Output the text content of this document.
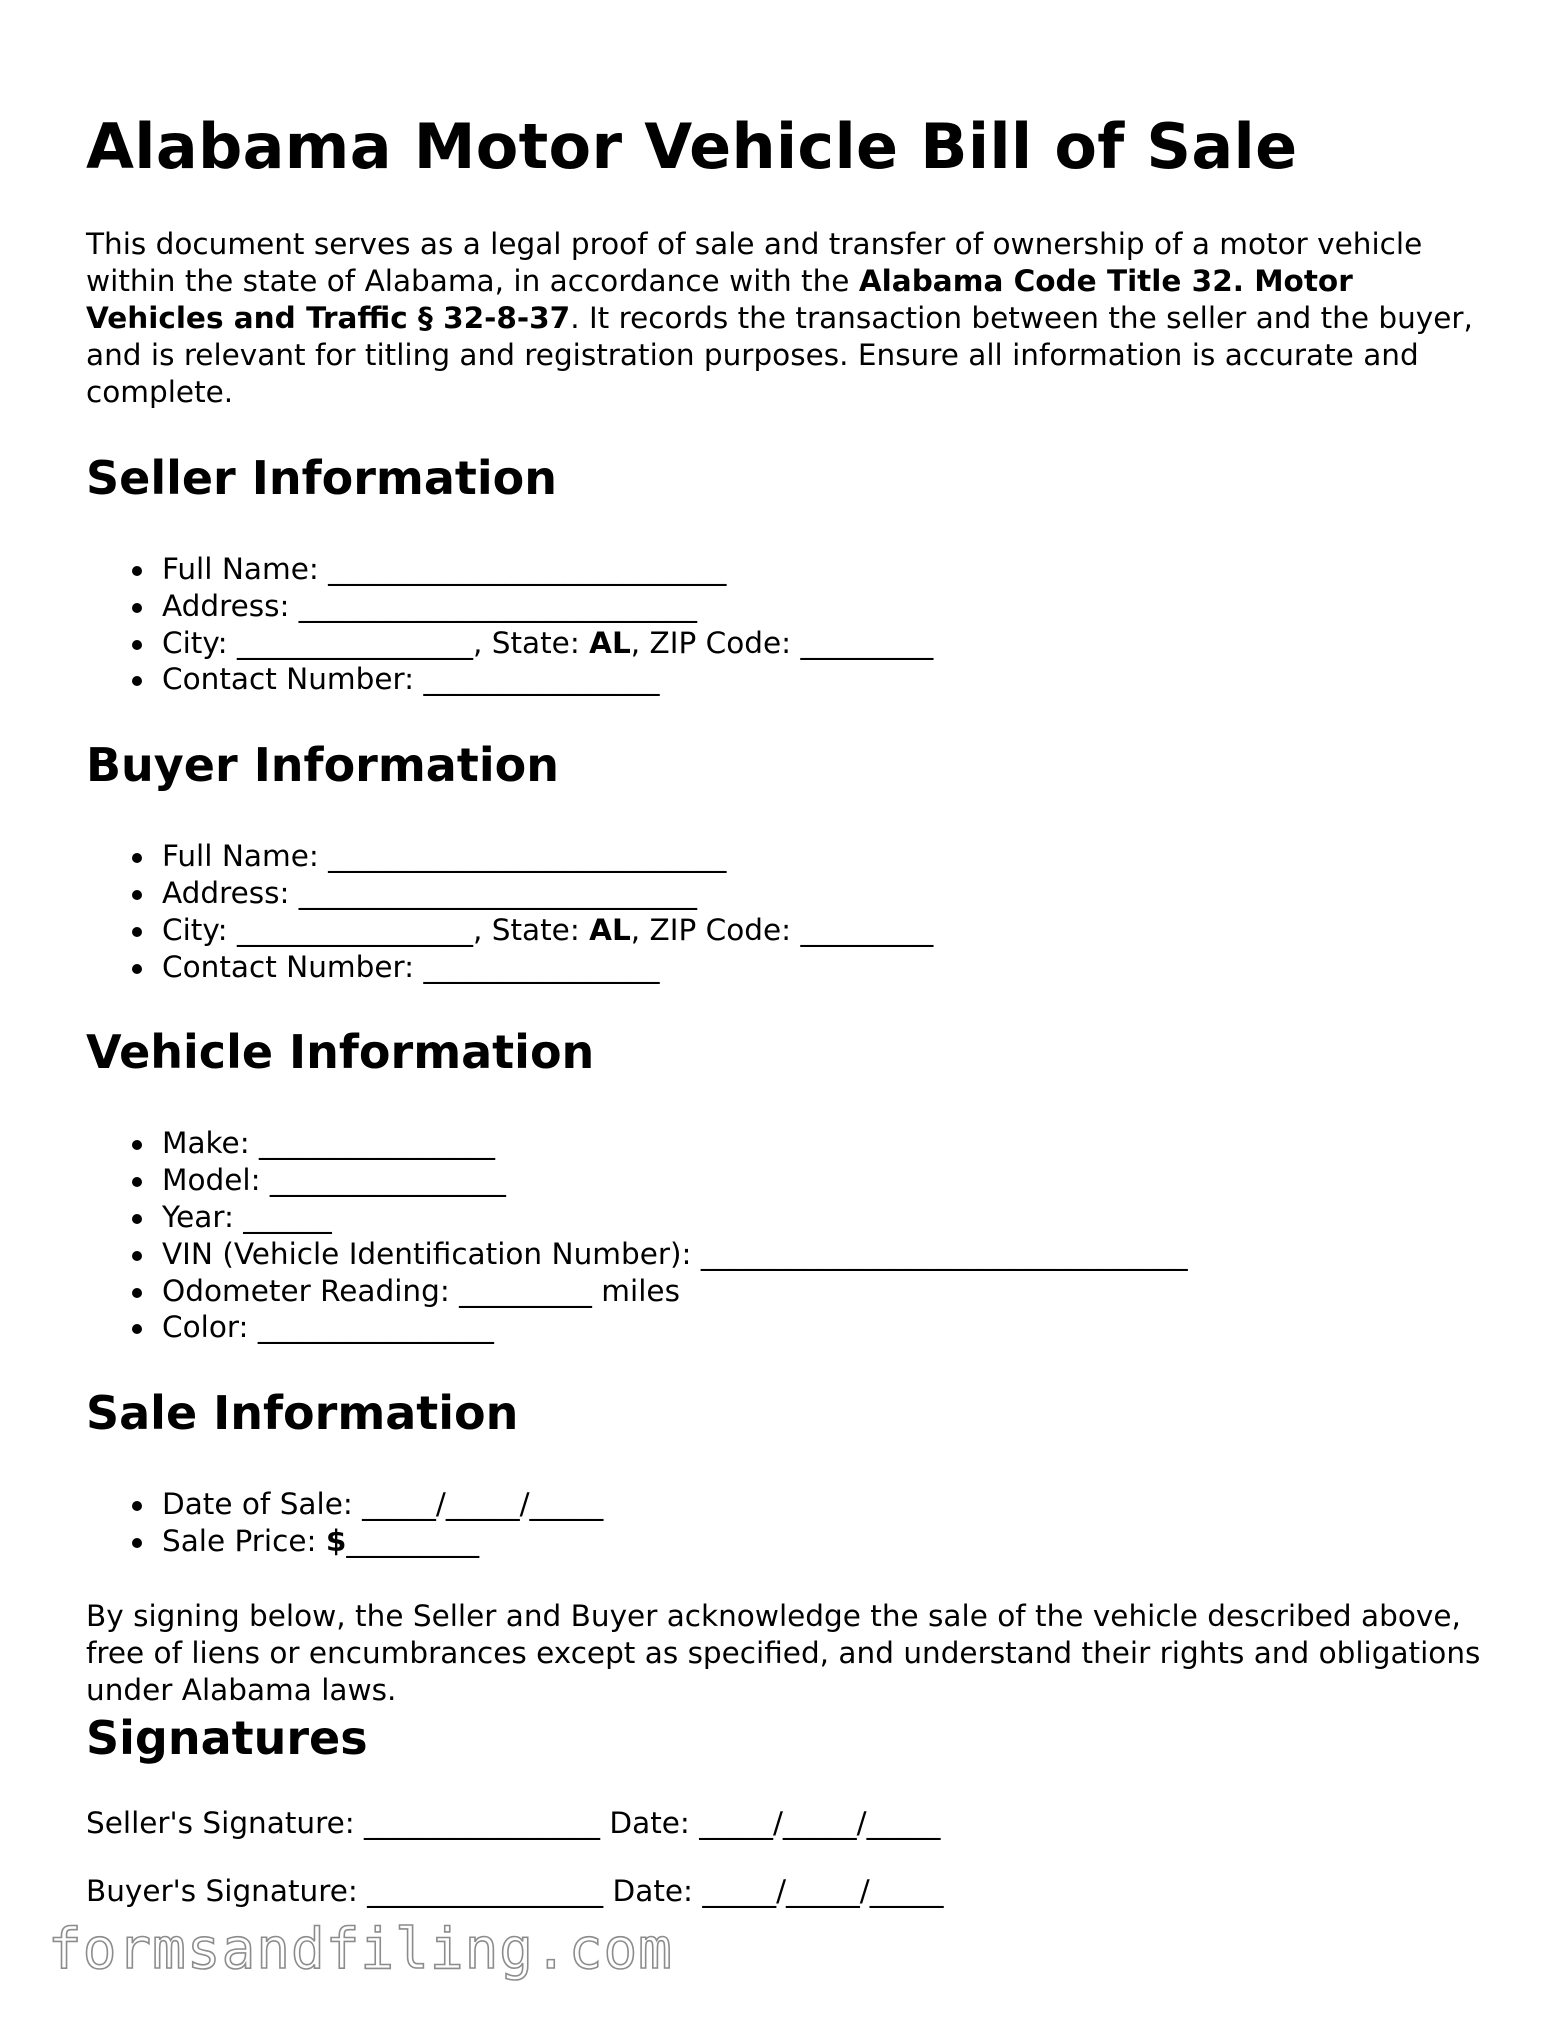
Alabama Motor Vehicle Bill of Sale

This document serves as a legal proof of sale and transfer of ownership of a motor vehicle within the state of Alabama, in accordance with the Alabama Code Title 32. Motor Vehicles and Traffic § 32-8-37. It records the transaction between the seller and the buyer, and is relevant for titling and registration purposes. Ensure all information is accurate and complete.

Seller Information
Full Name: ___________________________
Address: ___________________________
City: ________________, State: AL, ZIP Code: _________
Contact Number: ________________
Buyer Information
Full Name: ___________________________
Address: ___________________________
City: ________________, State: AL, ZIP Code: _________
Contact Number: ________________
Vehicle Information
Make: ________________
Model: ________________
Year: ______
VIN (Vehicle Identification Number): _________________________________
Odometer Reading: _________ miles
Color: ________________
Sale Information
Date of Sale: _____/_____/_____
Sale Price: $_________

By signing below, the Seller and Buyer acknowledge the sale of the vehicle described above, free of liens or encumbrances except as specified, and understand their rights and obligations under Alabama laws.

Signatures

Seller's Signature: ________________ Date: _____/_____/_____

Buyer's Signature: ________________ Date: _____/_____/_____

formsandfiling.com
